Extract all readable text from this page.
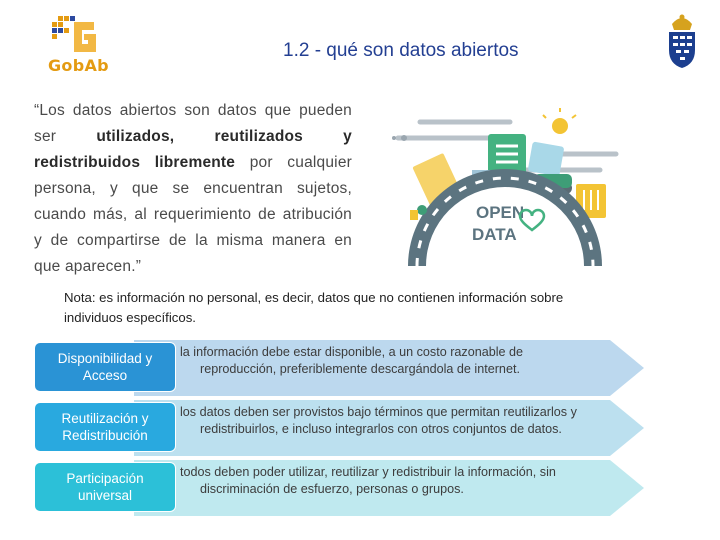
GobAb
1.2 - qué son datos abiertos
“Los datos abiertos son datos que pueden ser utilizados, reutilizados y redistribuidos libremente por cualquier persona, y que se encuentran sujetos, cuando más, al requerimiento de atribución y de compartirse de la misma manera en que aparecen.”
OPEN
DATA
Nota: es información no personal, es decir, datos que no contienen información sobre individuos específicos.
Disponibilidad y Acceso
la información debe estar disponible, a un costo razonable de
reproducción, preferiblemente descargándola de internet.
Reutilización y Redistribución
los datos deben ser provistos bajo términos que permitan reutilizarlos y
redistribuirlos, e incluso integrarlos con otros conjuntos de datos.
Participación universal
todos deben poder utilizar, reutilizar y redistribuir la información, sin
discriminación de esfuerzo, personas o grupos.
